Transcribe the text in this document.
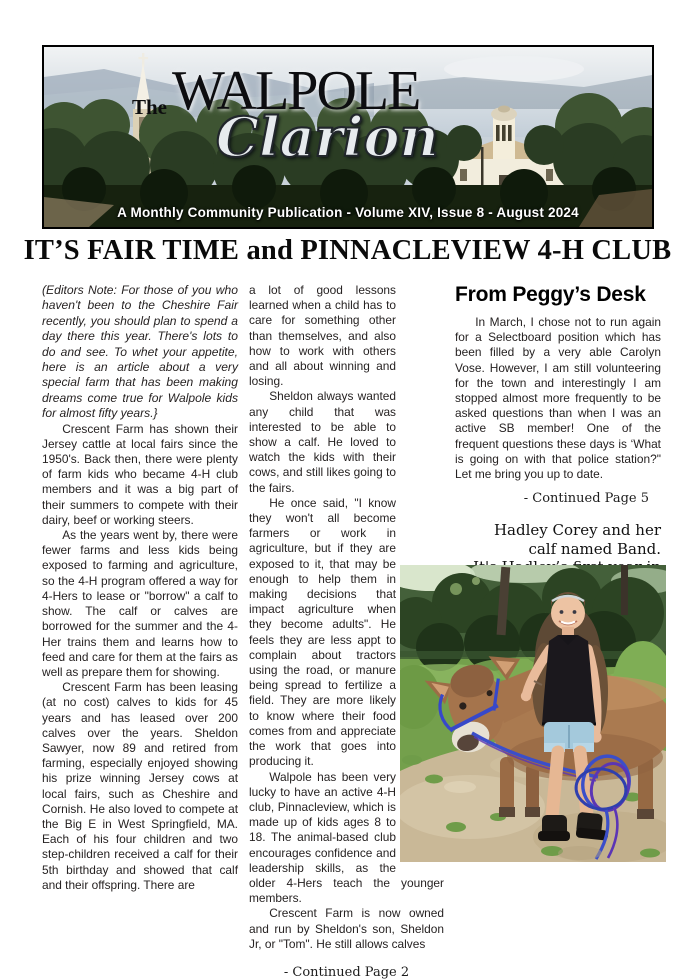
The WALPOLE
Clarion
A Monthly Community Publication - Volume XIV, Issue 8 - August 2024
IT’S FAIR TIME and PINNACLEVIEW 4-H CLUB

(Editors Note: For those of you who haven't been to the Cheshire Fair recently, you should plan to spend a day there this year. There's lots to do and see. To whet your appetite, here is an article about a very special farm that has been making dreams come true for Walpole kids for almost fifty years.}

Crescent Farm has shown their Jersey cattle at local fairs since the 1950's. Back then, there were plenty of farm kids who became 4-H club members and it was a big part of their summers to compete with their dairy, beef or working steers.

As the years went by, there were fewer farms and less kids being exposed to farming and agriculture, so the 4-H program offered a way for 4-Hers to lease or "borrow" a calf to show. The calf or calves are borrowed for the summer and the 4-Her trains them and learns how to feed and care for them at the fairs as well as prepare them for showing.

Crescent Farm has been leasing (at no cost) calves to kids for 45 years and has leased over 200 calves over the years. Sheldon Sawyer, now 89 and retired from farming, especially enjoyed showing his prize winning Jersey cows at local fairs, such as Cheshire and Cornish. He also loved to compete at the Big E in West Springfield, MA. Each of his four children and two step-children received a calf for their 5th birthday and showed that calf and their offspring. There are

a lot of good lessons learned when a child has to care for something other than themselves, and also how to work with others and all about winning and losing.

Sheldon always wanted any child that was interested to be able to show a calf. He loved to watch the kids with their cows, and still likes going to the fairs.

He once said, "I know they won't all become farmers or work in agriculture, but if they are exposed to it, that may be enough to help them in making decisions that impact agriculture when they become adults". He feels they are less appt to complain about tractors using the road, or manure being spread to fertilize a field. They are more likely to know where their food comes from and appreciate the work that goes into producing it.

Walpole has been very lucky to have an active 4-H club, Pinnacleview, which is made up of kids ages 8 to 18. The animal-based club encourages confidence and leadership skills, as the older 4-Hers teach the younger members.

Crescent Farm is now owned and run by Sheldon's son, Sheldon Jr, or "Tom". He still allows calves

- Continued Page 2

From Peggy’s Desk

In March, I chose not to run again for a Selectboard position which has been filled by a very able Carolyn Vose. However, I am still volunteering for the town and interestingly I am stopped almost more frequently to be asked questions than when I was an active SB member! One of the frequent questions these days is ‘What is going on with that police station?" Let me bring you up to date.

- Continued Page 5

Hadley Corey and her
calf named Band.
